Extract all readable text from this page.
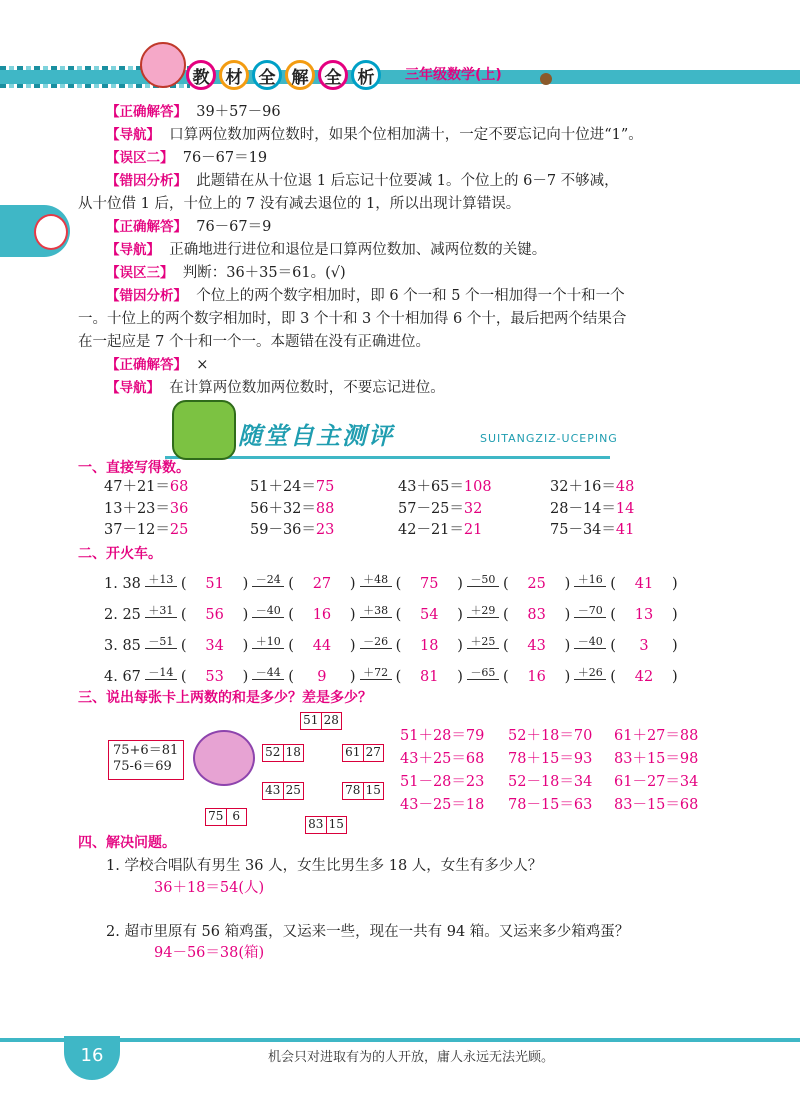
教 材 全 解 全 析	三年级数学(上)
【正确解答】 39＋57－96
【导航】 口算两位数加两位数时，如果个位相加满十，一定不要忘记向十位进“1”。
【误区二】 76－67＝19
【错因分析】 此题错在从十位退 1 后忘记十位要减 1。个位上的 6－7 不够减，
从十位借 1 后，十位上的 7 没有减去退位的 1，所以出现计算错误。
【正确解答】 76－67＝9
【导航】 正确地进行进位和退位是口算两位数加、减两位数的关键。
【误区三】 判断：36＋35＝61。(√)
【错因分析】 个位上的两个数字相加时，即 6 个一和 5 个一相加得一个十和一个
一。十位上的两个数字相加时，即 3 个十和 3 个十相加得 6 个十，最后把两个结果合
在一起应是 7 个十和一个一。本题错在没有正确进位。
【正确解答】 ×
【导航】 在计算两位数加两位数时，不要忘记进位。
随堂自主测评	SUITANGZIZ-UCEPING
一、直接写得数。
47＋21＝68	51＋24＝75	43＋65＝108	32＋16＝48
13＋23＝36	56＋32＝88	57－25＝32	28－14＝14
37－12＝25	59－36＝23	42－21＝21	75－34＝41
二、开火车。
1. 38 ＋13 ( 51 ) －24 ( 27 ) ＋48 ( 75 ) －50 ( 25 ) ＋16 ( 41 )
2. 25 ＋31 ( 56 ) －40 ( 16 ) ＋38 ( 54 ) ＋29 ( 83 ) －70 ( 13 )
3. 85 －51 ( 34 ) ＋10 ( 44 ) －26 ( 18 ) ＋25 ( 43 ) －40 ( 3 )
4. 67 －14 ( 53 ) －44 ( 9 ) ＋72 ( 81 ) －65 ( 16 ) ＋26 ( 42 )
三、说出每张卡上两数的和是多少？差是多少？
75+6＝81
75-6＝69
51 28
52 18	61 27
43 25	78 15
75 6
83 15
51＋28＝79 52＋18＝70 61＋27＝88
43＋25＝68 78＋15＝93 83＋15＝98
51－28＝23 52－18＝34 61－27＝34
43－25＝18 78－15＝63 83－15＝68
四、解决问题。
1. 学校合唱队有男生 36 人，女生比男生多 18 人，女生有多少人？
36＋18＝54(人)
2. 超市里原有 56 箱鸡蛋，又运来一些，现在一共有 94 箱。又运来多少箱鸡蛋？
94－56＝38(箱)
16	机会只对进取有为的人开放，庸人永远无法光顾。
